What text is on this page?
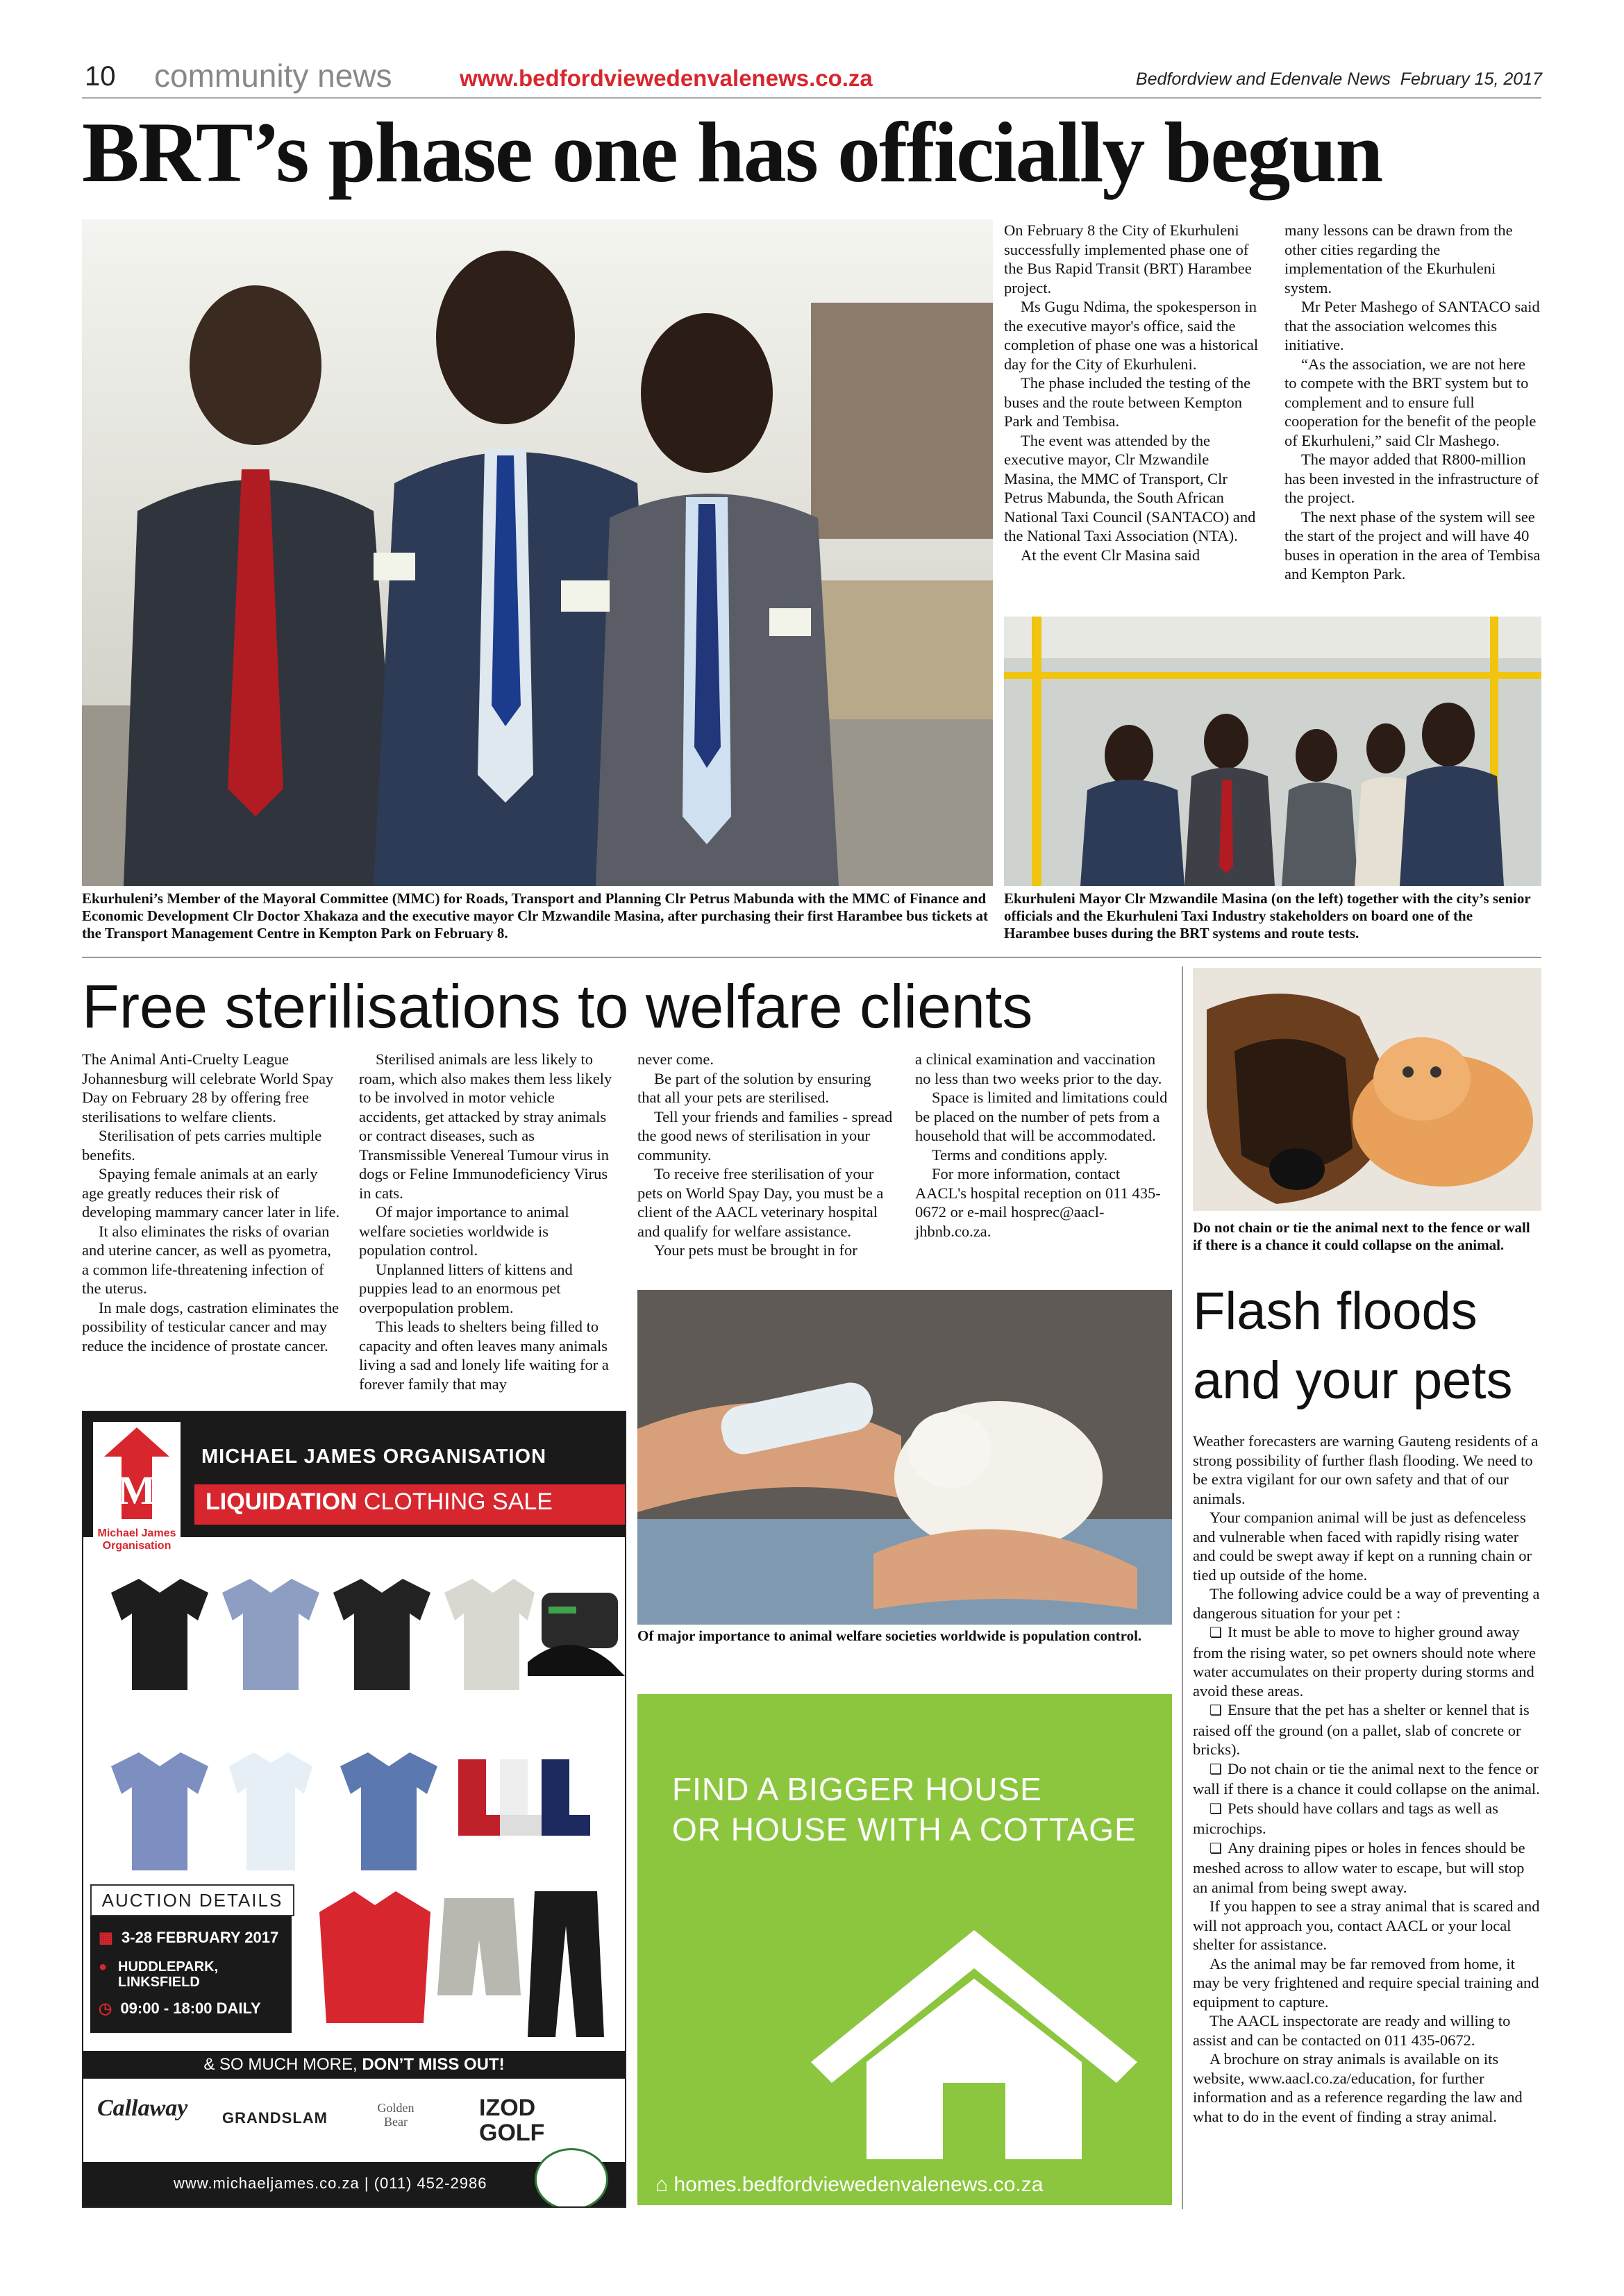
10 community news	www.bedfordviewedenvalenews.co.za	Bedfordview and Edenvale News February 15, 2017
BRT’s phase one has officially begun
Ekurhuleni’s Member of the Mayoral Committee (MMC) for Roads, Transport and Planning Clr Petrus Mabunda with the MMC of Finance and Economic Development Clr Doctor Xhakaza and the executive mayor Clr Mzwandile Masina, after purchasing their first Harambee bus tickets at the Transport Management Centre in Kempton Park on February 8.

On February 8 the City of Ekurhuleni successfully implemented phase one of the Bus Rapid Transit (BRT) Harambee project.

Ms Gugu Ndima, the spokesperson in the executive mayor's office, said the completion of phase one was a historical day for the City of Ekurhuleni.

The phase included the testing of the buses and the route between Kempton Park and Tembisa.

The event was attended by the executive mayor, Clr Mzwandile Masina, the MMC of Transport, Clr Petrus Mabunda, the South African National Taxi Council (SANTACO) and the National Taxi Association (NTA).

At the event Clr Masina said

many lessons can be drawn from the other cities regarding the implementation of the Ekurhuleni system.

Mr Peter Mashego of SANTACO said that the association welcomes this initiative.

“As the association, we are not here to compete with the BRT system but to complement and to ensure full cooperation for the benefit of the people of Ekurhuleni,” said Clr Mashego.

The mayor added that R800-million has been invested in the infrastructure of the project.

The next phase of the system will see the start of the project and will have 40 buses in operation in the area of Tembisa and Kempton Park.

Ekurhuleni Mayor Clr Mzwandile Masina (on the left) together with the city’s senior officials and the Ekurhuleni Taxi Industry stakeholders on board one of the Harambee buses during the BRT systems and route tests.
Free sterilisations to welfare clients

The Animal Anti-Cruelty League Johannesburg will celebrate World Spay Day on February 28 by offering free sterilisations to welfare clients.

Sterilisation of pets carries multiple benefits.

Spaying female animals at an early age greatly reduces their risk of developing mammary cancer later in life.

It also eliminates the risks of ovarian and uterine cancer, as well as pyometra, a common life-threatening infection of the uterus.

In male dogs, castration eliminates the possibility of testicular cancer and may reduce the incidence of prostate cancer.

Sterilised animals are less likely to roam, which also makes them less likely to be involved in motor vehicle accidents, get attacked by stray animals or contract diseases, such as Transmissible Venereal Tumour virus in dogs or Feline Immunodeficiency Virus in cats.

Of major importance to animal welfare societies worldwide is population control.

Unplanned litters of kittens and puppies lead to an enormous pet overpopulation problem.

This leads to shelters being filled to capacity and often leaves many animals living a sad and lonely life waiting for a forever family that may

never come.

Be part of the solution by ensuring that all your pets are sterilised.

Tell your friends and families - spread the good news of sterilisation in your community.

To receive free sterilisation of your pets on World Spay Day, you must be a client of the AACL veterinary hospital and qualify for welfare assistance.

Your pets must be brought in for

a clinical examination and vaccination no less than two weeks prior to the day.

Space is limited and limitations could be placed on the number of pets from a household that will be accommodated.

Terms and conditions apply.

For more information, contact AACL's hospital reception on 011 435-0672 or e-mail hosprec@aacl-jhbnb.co.za.

Of major importance to animal welfare societies worldwide is population control.
M
Michael James Organisation
MICHAEL JAMES ORGANISATION
LIQUIDATION CLOTHING SALE
AUCTION DETAILS
▦ 3-28 FEBRUARY 2017
● HUDDLEPARK, LINKSFIELD
◷ 09:00 - 18:00 DAILY
& SO MUCH MORE, DON’T MISS OUT!
Callaway GRANDSLAM
Golden Bear
IZOD GOLF
www.michaeljames.co.za | (011) 452-2986
FIND A BIGGER HOUSE
OR HOUSE WITH A COTTAGE
⌂ homes.bedfordviewedenvalenews.co.za
Do not chain or tie the animal next to the fence or wall if there is a chance it could collapse on the animal.
Flash floods
and your pets

Weather forecasters are warning Gauteng residents of a strong possibility of further flash flooding. We need to be extra vigilant for our own safety and that of our animals.

Your companion animal will be just as defenceless and vulnerable when faced with rapidly rising water and could be swept away if kept on a running chain or tied up outside of the home.

The following advice could be a way of preventing a dangerous situation for your pet :

❏ It must be able to move to higher ground away from the rising water, so pet owners should note where water accumulates on their property during storms and avoid these areas.

❏ Ensure that the pet has a shelter or kennel that is raised off the ground (on a pallet, slab of concrete or bricks).

❏ Do not chain or tie the animal next to the fence or wall if there is a chance it could collapse on the animal.

❏ Pets should have collars and tags as well as microchips.

❏ Any draining pipes or holes in fences should be meshed across to allow water to escape, but will stop an animal from being swept away.

If you happen to see a stray animal that is scared and will not approach you, contact AACL or your local shelter for assistance.

As the animal may be far removed from home, it may be very frightened and require special training and equipment to capture.

The AACL inspectorate are ready and willing to assist and can be contacted on 011 435-0672.

A brochure on stray animals is available on its website, www.aacl.co.za/education, for further information and as a reference regarding the law and what to do in the event of finding a stray animal.
